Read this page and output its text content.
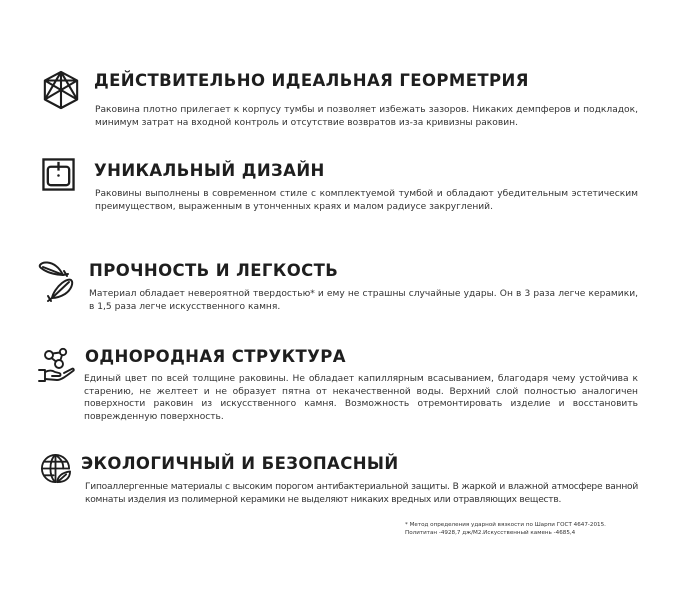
ДЕЙСТВИТЕЛЬНО ИДЕАЛЬНАЯ ГЕОРМЕТРИЯ

Раковина плотно прилегает к корпусу тумбы и позволяет избежать зазоров. Никаких демпферов и подкладок, минимум затрат на входной контроль и отсутствие возвратов из-за кривизны раковин.

УНИКАЛЬНЫЙ ДИЗАЙН

Раковины выполнены в современном стиле с комплектуемой тумбой и обладают убедительным эстетическим преимуществом, выраженным в утонченных краях и малом радиусе закруглений.

ПРОЧНОСТЬ И ЛЕГКОСТЬ

Материал обладает невероятной твердостью* и ему не страшны случайные удары. Он в 3 раза легче керамики, в 1,5 раза легче искусственного камня.

ОДНОРОДНАЯ СТРУКТУРА

Единый цвет по всей толщине раковины. Не обладает капиллярным всасыванием, благодаря чему устойчива к старению, не желтеет и не образует пятна от некачественной воды. Верхний слой полностью аналогичен поверхности раковин из искусственного камня. Возможность отремонтировать изделие и восстановить поврежденную поверхность.

ЭКОЛОГИЧНЫЙ И БЕЗОПАСНЫЙ

Гипоаллергенные материалы с высоким порогом антибактериальной защиты. В жаркой и влажной атмосфере ванной комнаты изделия из полимерной керамики не выделяют никаких вредных или отравляющих веществ.

* Метод определения ударной вязкости по Шарпи ГОСТ 4647-2015.
Полититан -4928,7 дж/М2.Искусственный камень -4685,4
